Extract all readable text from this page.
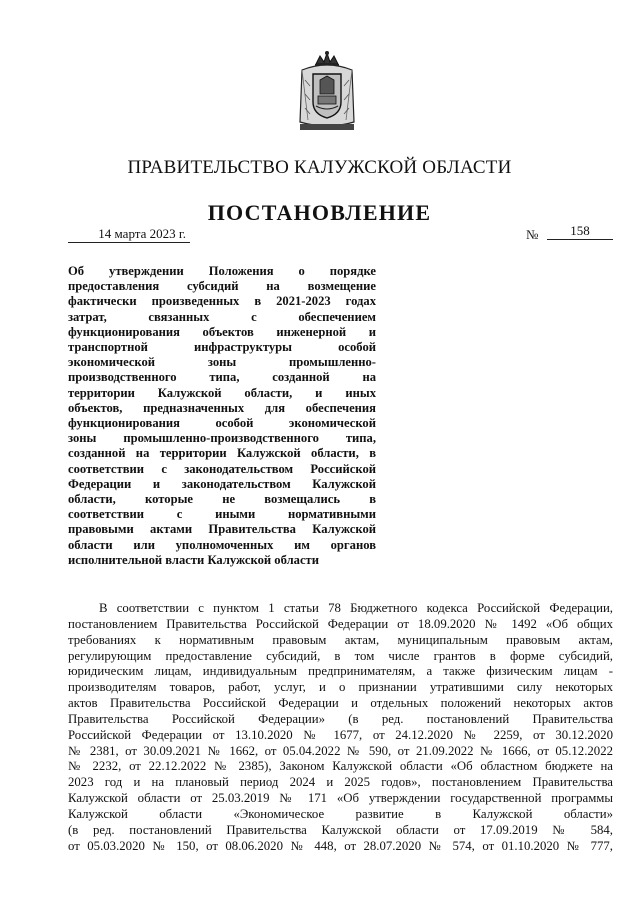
ПРАВИТЕЛЬСТВО КАЛУЖСКОЙ ОБЛАСТИ
ПОСТАНОВЛЕНИЕ
14 марта 2023 г.	№	158
Об утверждении Положения о порядке
предоставления субсидий на возмещение
фактически произведенных в 2021-2023 годах
затрат, связанных с обеспечением
функционирования объектов инженерной и
транспортной инфраструктуры особой
экономической зоны промышленно-
производственного типа, созданной на
территории Калужской области, и иных
объектов, предназначенных для обеспечения
функционирования особой экономической
зоны промышленно-производственного типа,
созданной на территории Калужской области, в
соответствии с законодательством Российской
Федерации и законодательством Калужской
области, которые не возмещались в
соответствии с иными нормативными
правовыми актами Правительства Калужской
области или уполномоченных им органов
исполнительной власти Калужской области
В соответствии с пунктом 1 статьи 78 Бюджетного кодекса Российской Федерации,
постановлением Правительства Российской Федерации от 18.09.2020 № 1492 «Об общих
требованиях к нормативным правовым актам, муниципальным правовым актам,
регулирующим предоставление субсидий, в том числе грантов в форме субсидий,
юридическим лицам, индивидуальным предпринимателям, а также физическим лицам -
производителям товаров, работ, услуг, и о признании утратившими силу некоторых
актов Правительства Российской Федерации и отдельных положений некоторых актов
Правительства Российской Федерации» (в ред. постановлений Правительства
Российской Федерации от 13.10.2020 № 1677, от 24.12.2020 № 2259, от 30.12.2020
№ 2381, от 30.09.2021 № 1662, от 05.04.2022 № 590, от 21.09.2022 № 1666, от 05.12.2022
№ 2232, от 22.12.2022 № 2385), Законом Калужской области «Об областном бюджете на
2023 год и на плановый период 2024 и 2025 годов», постановлением Правительства
Калужской области от 25.03.2019 № 171 «Об утверждении государственной программы
Калужской области «Экономическое развитие в Калужской области»
(в ред. постановлений Правительства Калужской области от 17.09.2019 № 584,
от 05.03.2020 № 150, от 08.06.2020 № 448, от 28.07.2020 № 574, от 01.10.2020 № 777,
